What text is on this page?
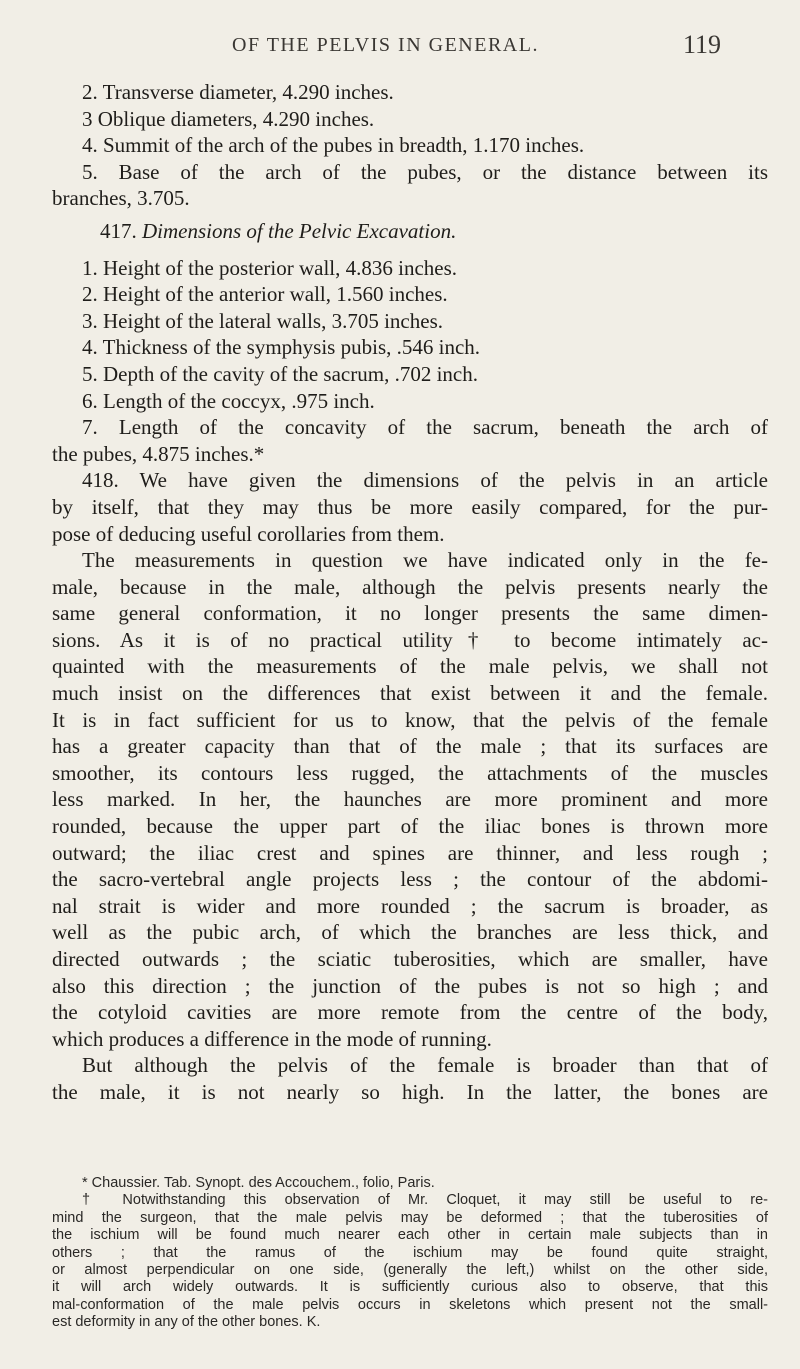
OF THE PELVIS IN GENERAL.	119
2. Transverse diameter, 4.290 inches.
3 Oblique diameters, 4.290 inches.
4. Summit of the arch of the pubes in breadth, 1.170 inches.
5. Base of the arch of the pubes, or the distance between its
branches, 3.705.
417. Dimensions of the Pelvic Excavation.
1. Height of the posterior wall, 4.836 inches.
2. Height of the anterior wall, 1.560 inches.
3. Height of the lateral walls, 3.705 inches.
4. Thickness of the symphysis pubis, .546 inch.
5. Depth of the cavity of the sacrum, .702 inch.
6. Length of the coccyx, .975 inch.
7. Length of the concavity of the sacrum, beneath the arch of
the pubes, 4.875 inches.*
418. We have given the dimensions of the pelvis in an article
by itself, that they may thus be more easily compared, for the pur-
pose of deducing useful corollaries from them.
The measurements in question we have indicated only in the fe-
male, because in the male, although the pelvis presents nearly the
same general conformation, it no longer presents the same dimen-
sions. As it is of no practical utility† to become intimately ac-
quainted with the measurements of the male pelvis, we shall not
much insist on the differences that exist between it and the female.
It is in fact sufficient for us to know, that the pelvis of the female
has a greater capacity than that of the male ; that its surfaces are
smoother, its contours less rugged, the attachments of the muscles
less marked. In her, the haunches are more prominent and more
rounded, because the upper part of the iliac bones is thrown more
outward; the iliac crest and spines are thinner, and less rough ;
the sacro-vertebral angle projects less ; the contour of the abdomi-
nal strait is wider and more rounded ; the sacrum is broader, as
well as the pubic arch, of which the branches are less thick, and
directed outwards ; the sciatic tuberosities, which are smaller, have
also this direction ; the junction of the pubes is not so high ; and
the cotyloid cavities are more remote from the centre of the body,
which produces a difference in the mode of running.
But although the pelvis of the female is broader than that of
the male, it is not nearly so high. In the latter, the bones are
* Chaussier. Tab. Synopt. des Accouchem., folio, Paris.
† Notwithstanding this observation of Mr. Cloquet, it may still be useful to re-
mind the surgeon, that the male pelvis may be deformed ; that the tuberosities of
the ischium will be found much nearer each other in certain male subjects than in
others ; that the ramus of the ischium may be found quite straight,
or almost perpendicular on one side, (generally the left,) whilst on the other side,
it will arch widely outwards. It is sufficiently curious also to observe, that this
mal-conformation of the male pelvis occurs in skeletons which present not the small-
est deformity in any of the other bones. K.
